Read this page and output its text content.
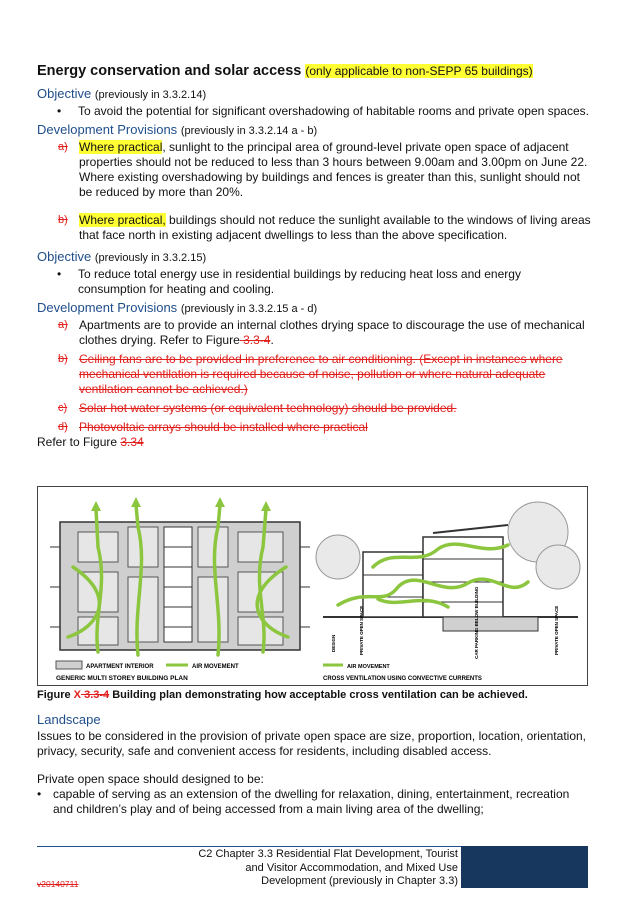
Energy conservation and solar access (only applicable to non-SEPP 65 buildings)
Objective (previously in 3.3.2.14)
• To avoid the potential for significant overshadowing of habitable rooms and private open spaces.
Development Provisions (previously in 3.3.2.14 a - b)
a) Where practical, sunlight to the principal area of ground-level private open space of adjacent properties should not be reduced to less than 3 hours between 9.00am and 3.00pm on June 22. Where existing overshadowing by buildings and fences is greater than this, sunlight should not be reduced by more than 20%.
b) Where practical, buildings should not reduce the sunlight available to the windows of living areas that face north in existing adjacent dwellings to less than the above specification.
Objective (previously in 3.3.2.15)
• To reduce total energy use in residential buildings by reducing heat loss and energy consumption for heating and cooling.
Development Provisions (previously in 3.3.2.15 a - d)
a) Apartments are to provide an internal clothes drying space to discourage the use of mechanical clothes drying. Refer to Figure 3.3-4.
b) Ceiling fans are to be provided in preference to air conditioning. (Except in instances where mechanical ventilation is required because of noise, pollution or where natural adequate ventilation cannot be achieved.)
c) Solar hot water systems (or equivalent technology) should be provided.
d) Photovoltaic arrays should be installed where practical
Refer to Figure 3.34
APARTMENT INTERIOR	AIR MOVEMENT
GENERIC MULTI STOREY BUILDING PLAN
DESIGN	PRIVATE OPEN SPACE	CAR PARKING BELOW BUILDING	PRIVATE OPEN SPACE
AIR MOVEMENT
CROSS VENTILATION USING CONVECTIVE CURRENTS
Figure X 3.3-4 Building plan demonstrating how acceptable cross ventilation can be achieved.
Landscape

Issues to be considered in the provision of private open space are size, proportion, location, orientation, privacy, security, safe and convenient access for residents, including disabled access.

Private open space should designed to be:

• capable of serving as an extension of the dwelling for relaxation, dining, entertainment, recreation and children’s play and of being accessed from a main living area of the dwelling;
C2 Chapter 3.3 Residential Flat Development, Tourist
and Visitor Accommodation, and Mixed Use
Development (previously in Chapter 3.3)
v20140711
